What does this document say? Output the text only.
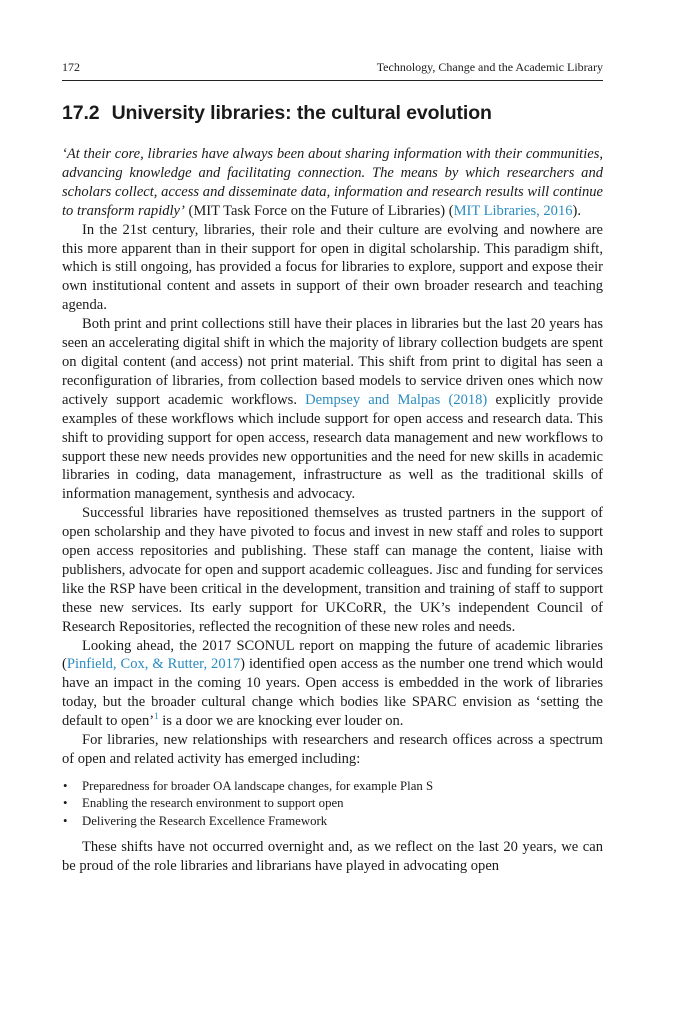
172	Technology, Change and the Academic Library
17.2 University libraries: the cultural evolution

‘At their core, libraries have always been about sharing information with their communities, advancing knowledge and facilitating connection. The means by which researchers and scholars collect, access and disseminate data, information and research results will continue to transform rapidly’ (MIT Task Force on the Future of Libraries) (MIT Libraries, 2016).

In the 21st century, libraries, their role and their culture are evolving and nowhere are this more apparent than in their support for open in digital scholarship. This paradigm shift, which is still ongoing, has provided a focus for libraries to explore, support and expose their own institutional content and assets in support of their own broader research and teaching agenda.

Both print and print collections still have their places in libraries but the last 20 years has seen an accelerating digital shift in which the majority of library collection budgets are spent on digital content (and access) not print material. This shift from print to digital has seen a reconfiguration of libraries, from collection based models to service driven ones which now actively support academic workflows. Dempsey and Malpas (2018) explicitly provide examples of these workflows which include support for open access and research data. This shift to providing support for open access, research data management and new workflows to support these new needs provides new opportunities and the need for new skills in academic libraries in coding, data management, infrastructure as well as the traditional skills of information management, synthesis and advocacy.

Successful libraries have repositioned themselves as trusted partners in the support of open scholarship and they have pivoted to focus and invest in new staff and roles to support open access repositories and publishing. These staff can manage the content, liaise with publishers, advocate for open and support academic colleagues. Jisc and funding for services like the RSP have been critical in the development, transition and training of staff to support these new services. Its early support for UKCoRR, the UK’s independent Council of Research Repositories, reflected the recognition of these new roles and needs.

Looking ahead, the 2017 SCONUL report on mapping the future of academic libraries (Pinfield, Cox, & Rutter, 2017) identified open access as the number one trend which would have an impact in the coming 10 years. Open access is embedded in the work of libraries today, but the broader cultural change which bodies like SPARC envision as ‘setting the default to open’$^1$ is a door we are knocking ever louder on.

For libraries, new relationships with researchers and research offices across a spectrum of open and related activity has emerged including:

• Preparedness for broader OA landscape changes, for example Plan S
• Enabling the research environment to support open
• Delivering the Research Excellence Framework

These shifts have not occurred overnight and, as we reflect on the last 20 years, we can be proud of the role libraries and librarians have played in advocating open
